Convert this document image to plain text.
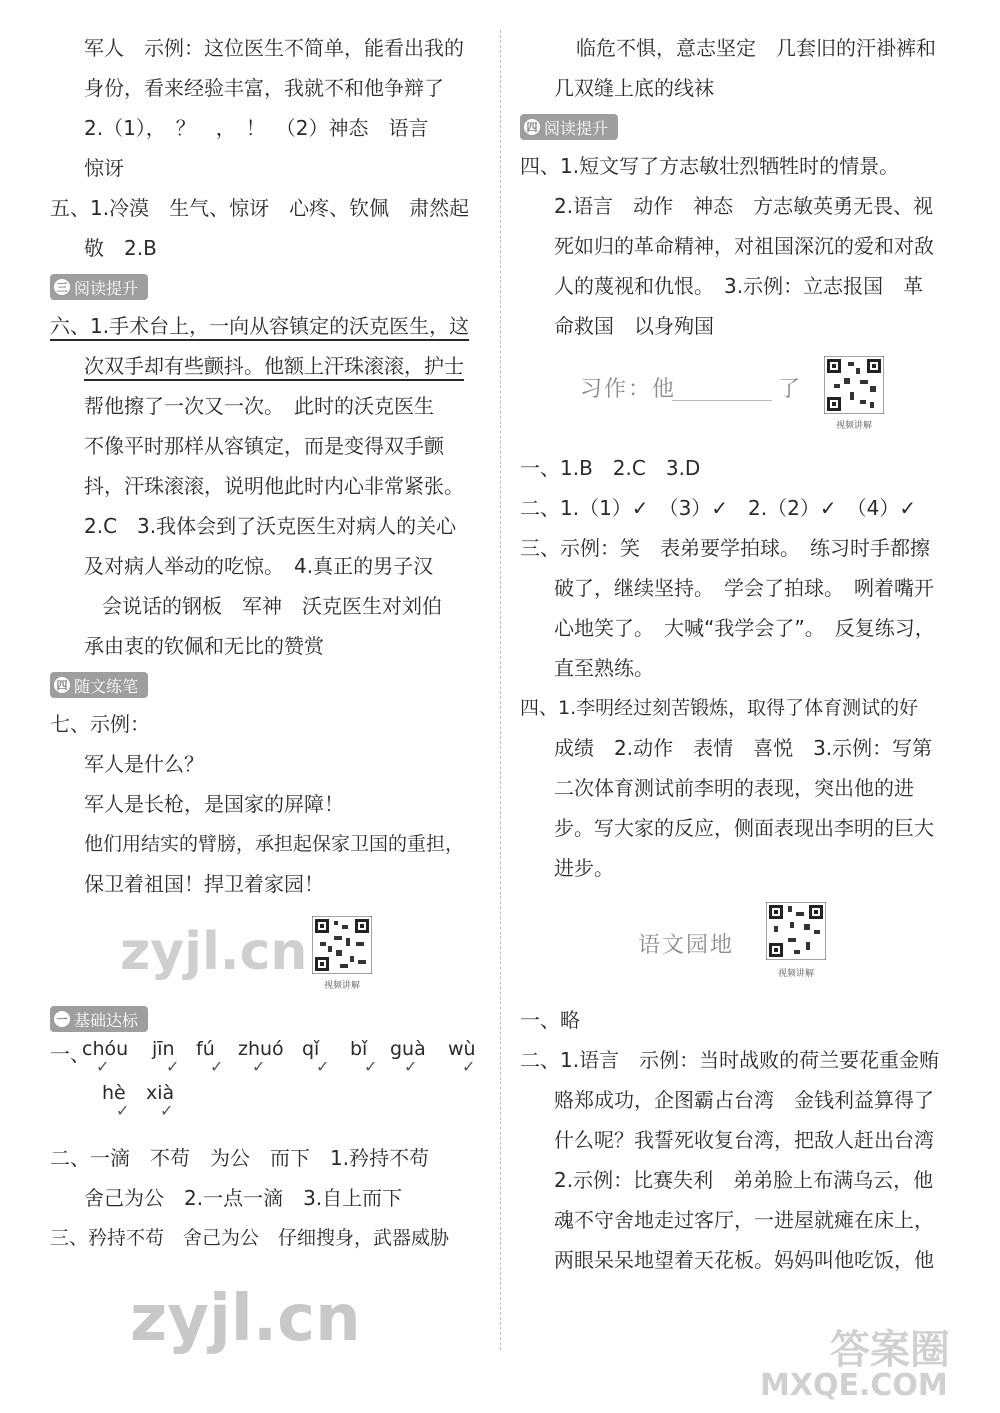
军人　示例：这位医生不简单，能看出我的
身份，看来经验丰富，我就不和他争辩了
2.（1），　？　，　！　（2）神态　语言
惊讶
五、1.冷漠　生气、惊讶　心疼、钦佩　肃然起
敬　2.B
三 阅读提升
六、1.手术台上，一向从容镇定的沃克医生，这
次双手却有些颤抖。他额上汗珠滚滚，护士
帮他擦了一次又一次。　此时的沃克医生
不像平时那样从容镇定，而是变得双手颤
抖，汗珠滚滚，说明他此时内心非常紧张。
2.C　3.我体会到了沃克医生对病人的关心
及对病人举动的吃惊。　4.真正的男子汉
会说话的钢板　军神　沃克医生对刘伯
承由衷的钦佩和无比的赞赏
四 随文练笔
七、示例：
军人是什么？
军人是长枪，是国家的屏障！
他们用结实的臂膀，承担起保家卫国的重担，
保卫着祖国！捍卫着家园！
zyjl.cn
视频讲解
一 基础达标
一、
chóu
✓
jīn
✓
fú
✓
zhuó
✓
qǐ
✓
bǐ
✓
guà
✓
wù
✓
hè
✓
xià
✓
二、一滴　不苟　为公　而下　1.矜持不苟
舍己为公　2.一点一滴　3.自上而下
三、矜持不苟　舍己为公　仔细搜身，武器威胁
zyjl.cn
临危不惧，意志坚定　几套旧的汗褂裤和
几双缝上底的线袜
四 阅读提升
四、1.短文写了方志敏壮烈牺牲时的情景。
2.语言　动作　神态　方志敏英勇无畏、视
死如归的革命精神，对祖国深沉的爱和对敌
人的蔑视和仇恨。　3.示例：立志报国　革
命救国　以身殉国
习作：他	了
视频讲解
一、1.B　2.C　3.D
二、1.（1）✓　（3）✓　2.（2）✓　（4）✓
三、示例：笑　表弟要学拍球。　练习时手都擦
破了，继续坚持。　学会了拍球。　咧着嘴开
心地笑了。　大喊“我学会了”。　反复练习，
直至熟练。
四、1.李明经过刻苦锻炼，取得了体育测试的好
成绩　2.动作　表情　喜悦　3.示例：写第
二次体育测试前李明的表现，突出他的进
步。写大家的反应，侧面表现出李明的巨大
进步。
语文园地
视频讲解
一、略
二、1.语言　示例：当时战败的荷兰要花重金贿
赂郑成功，企图霸占台湾　金钱利益算得了
什么呢？我誓死收复台湾，把敌人赶出台湾
2.示例：比赛失利　弟弟脸上布满乌云，他
魂不守舍地走过客厅，一进屋就瘫在床上，
两眼呆呆地望着天花板。妈妈叫他吃饭，他
答案圈
MXQE.COM
